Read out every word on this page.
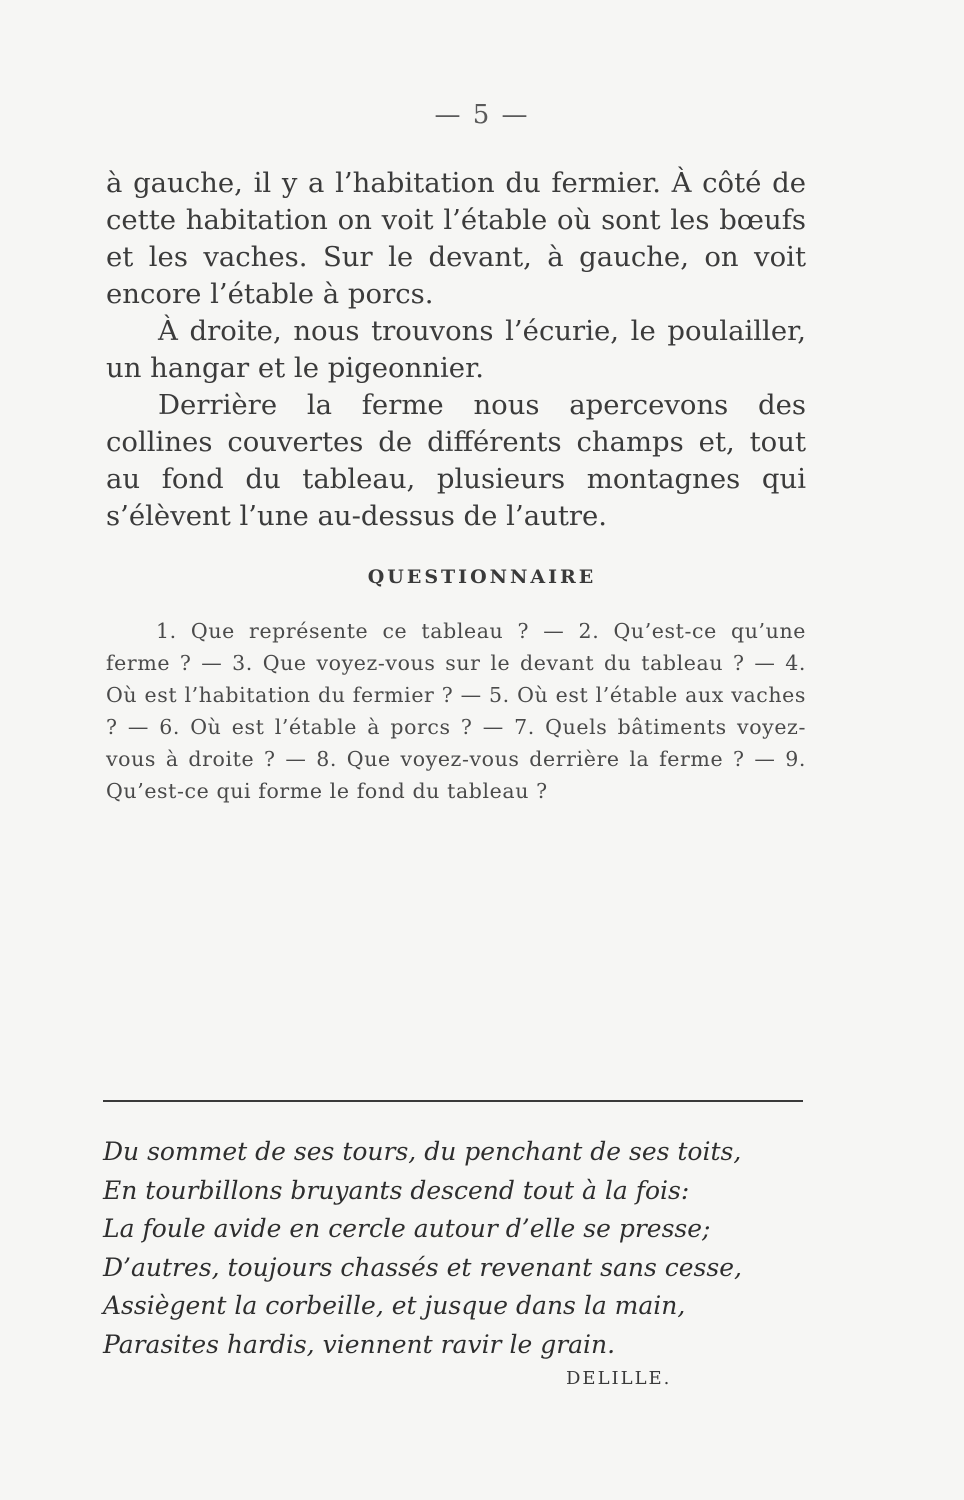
— 5 —

à gauche, il y a l’habitation du fermier. À côté de cette habitation on voit l’étable où sont les bœufs et les vaches. Sur le devant, à gauche, on voit encore l’étable à porcs.

À droite, nous trouvons l’écurie, le poulailler, un hangar et le pigeonnier.

Derrière la ferme nous apercevons des collines couvertes de différents champs et, tout au fond du tableau, plusieurs montagnes qui s’élèvent l’une au-dessus de l’autre.

QUESTIONNAIRE
1. Que représente ce tableau ? — 2. Qu’est-ce qu’une ferme ? — 3. Que voyez-vous sur le devant du tableau ? — 4. Où est l’habitation du fermier ? — 5. Où est l’étable aux vaches ? — 6. Où est l’étable à porcs ? — 7. Quels bâtiments voyez-vous à droite ? — 8. Que voyez-vous derrière la ferme ? — 9. Qu’est-ce qui forme le fond du tableau ?
Du sommet de ses tours, du penchant de ses toits,
En tourbillons bruyants descend tout à la fois:
La foule avide en cercle autour d’elle se presse;
D’autres, toujours chassés et revenant sans cesse,
Assiègent la corbeille, et jusque dans la main,
Parasites hardis, viennent ravir le grain.
DELILLE.
